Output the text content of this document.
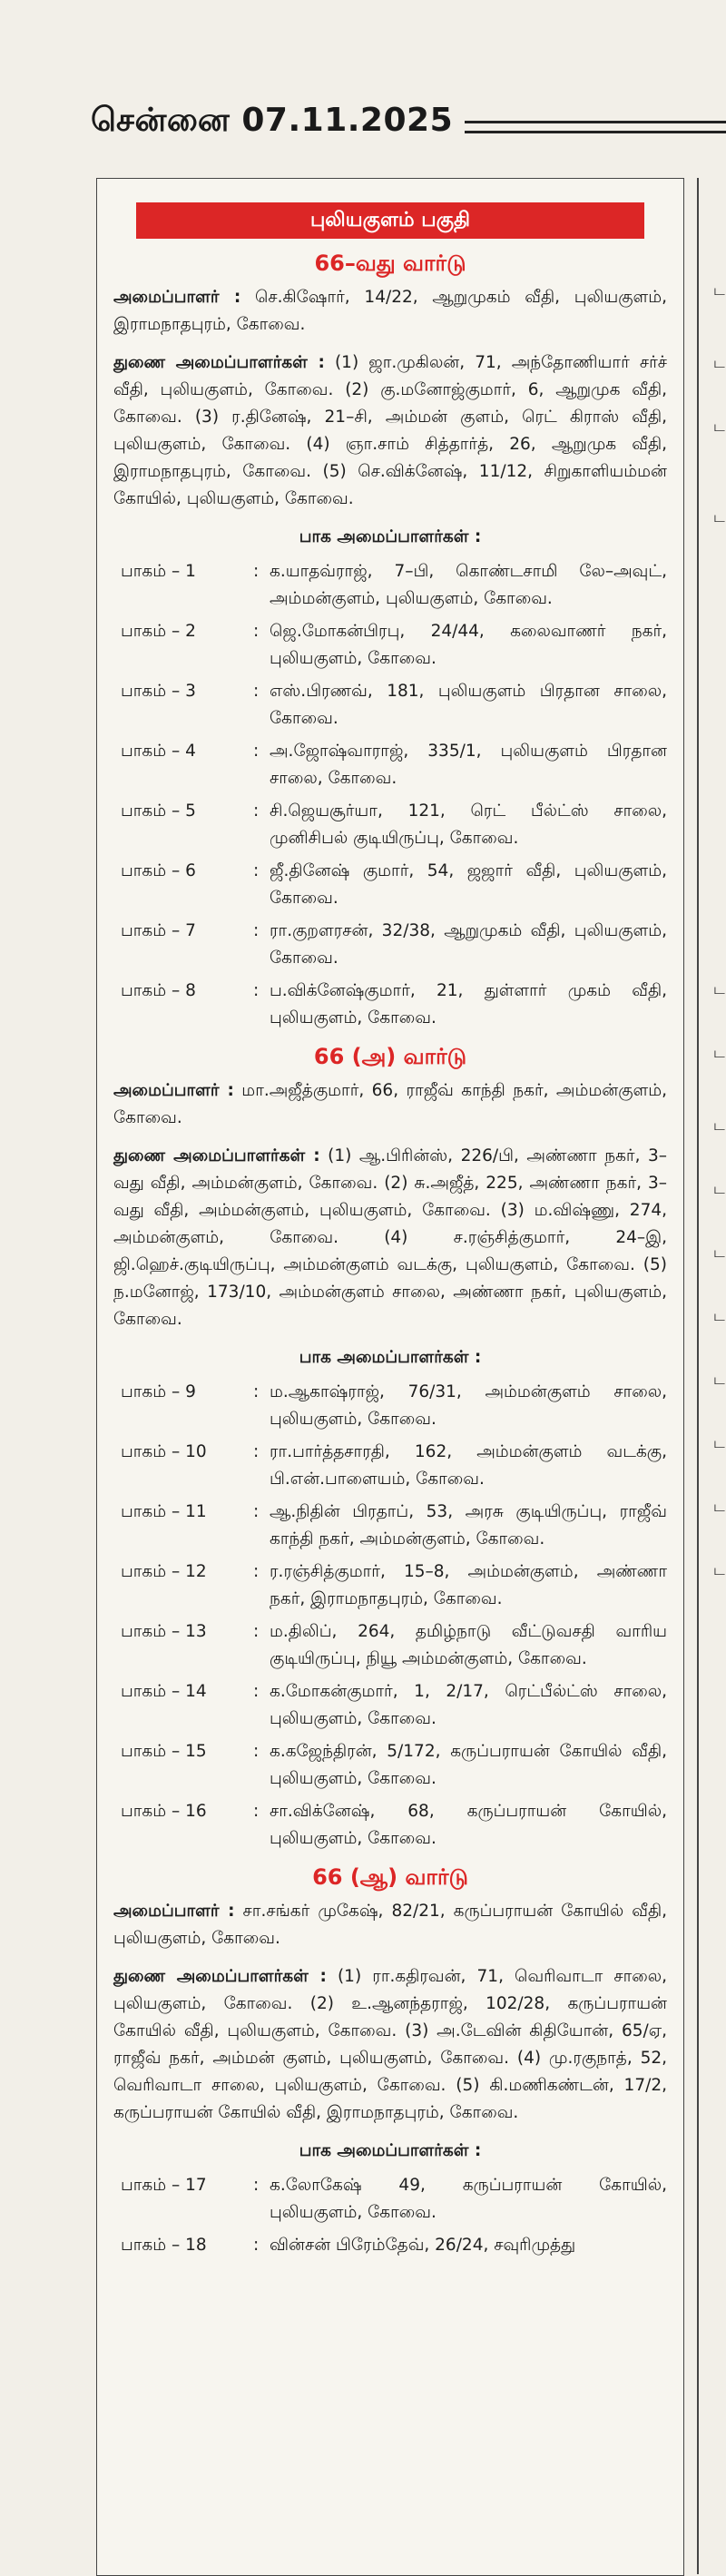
சென்னை 07.11.2025
புலியகுளம் பகுதி
66–வது வார்டு
அமைப்பாளர் : செ.கிஷோர், 14/22, ஆறுமுகம் வீதி, புலியகுளம், இராமநாதபுரம், கோவை.
துணை அமைப்பாளர்கள் : (1) ஜா.முகிலன், 71, அந்தோணியார் சர்ச் வீதி, புலியகுளம், கோவை. (2) கு.மனோஜ்குமார், 6, ஆறுமுக வீதி, கோவை. (3) ர.தினேஷ், 21–சி, அம்மன் குளம், ரெட் கிராஸ் வீதி, புலியகுளம், கோவை. (4) ஞா.சாம் சித்தார்த், 26, ஆறுமுக வீதி, இராமநாதபுரம், கோவை. (5) செ.விக்னேஷ், 11/12, சிறுகாளியம்மன் கோயில், புலியகுளம், கோவை.
பாக அமைப்பாளர்கள் :
பாகம் – 1	: க.யாதவ்ராஜ், 7–பி, கொண்டசாமி லே–அவுட், அம்மன்குளம், புலியகுளம், கோவை.
பாகம் – 2	: ஜெ.மோகன்பிரபு, 24/44, கலைவாணர் நகர், புலியகுளம், கோவை.
பாகம் – 3	: எஸ்.பிரணவ், 181, புலியகுளம் பிரதான சாலை, கோவை.
பாகம் – 4	: அ.ஜோஷ்வாராஜ், 335/1, புலியகுளம் பிரதான சாலை, கோவை.
பாகம் – 5	: சி.ஜெயசூர்யா, 121, ரெட் பீல்ட்ஸ் சாலை, முனிசிபல் குடியிருப்பு, கோவை.
பாகம் – 6	: ஜீ.தினேஷ் குமார், 54, ஜஜார் வீதி, புலியகுளம், கோவை.
பாகம் – 7	: ரா.குறளரசன், 32/38, ஆறுமுகம் வீதி, புலியகுளம், கோவை.
பாகம் – 8	: ப.விக்னேஷ்குமார், 21, துள்ளார் முகம் வீதி, புலியகுளம், கோவை.
66 (அ) வார்டு
அமைப்பாளர் : மா.அஜீத்குமார், 66, ராஜீவ் காந்தி நகர், அம்மன்குளம், கோவை.
துணை அமைப்பாளர்கள் : (1) ஆ.பிரின்ஸ், 226/பி, அண்ணா நகர், 3–வது வீதி, அம்மன்குளம், கோவை. (2) சு.அஜீத், 225, அண்ணா நகர், 3–வது வீதி, அம்மன்குளம், புலியகுளம், கோவை. (3) ம.விஷ்ணு, 274, அம்மன்குளம், கோவை. (4) ச.ரஞ்சித்குமார், 24–இ, ஜி.ஹெச்.குடியிருப்பு, அம்மன்குளம் வடக்கு, புலியகுளம், கோவை. (5) ந.மனோஜ், 173/10, அம்மன்குளம் சாலை, அண்ணா நகர், புலியகுளம், கோவை.
பாக அமைப்பாளர்கள் :
பாகம் – 9	: ம.ஆகாஷ்ராஜ், 76/31, அம்மன்குளம் சாலை, புலியகுளம், கோவை.
பாகம் – 10	: ரா.பார்த்தசாரதி, 162, அம்மன்குளம் வடக்கு, பி.என்.பாளையம், கோவை.
பாகம் – 11	: ஆ.நிதின் பிரதாப், 53, அரசு குடியிருப்பு, ராஜீவ் காந்தி நகர், அம்மன்குளம், கோவை.
பாகம் – 12	: ர.ரஞ்சித்குமார், 15–8, அம்மன்குளம், அண்ணா நகர், இராமநாதபுரம், கோவை.
பாகம் – 13	: ம.திலிப், 264, தமிழ்நாடு வீட்டுவசதி வாரிய குடியிருப்பு, நியூ அம்மன்குளம், கோவை.
பாகம் – 14	: க.மோகன்குமார், 1, 2/17, ரெட்பீல்ட்ஸ் சாலை, புலியகுளம், கோவை.
பாகம் – 15	: க.கஜேந்திரன், 5/172, கருப்பராயன் கோயில் வீதி, புலியகுளம், கோவை.
பாகம் – 16	: சா.விக்னேஷ், 68, கருப்பராயன் கோயில், புலியகுளம், கோவை.
66 (ஆ) வார்டு
அமைப்பாளர் : சா.சங்கர் முகேஷ், 82/21, கருப்பராயன் கோயில் வீதி, புலியகுளம், கோவை.
துணை அமைப்பாளர்கள் : (1) ரா.கதிரவன், 71, வெரிவாடா சாலை, புலியகுளம், கோவை. (2) உ.ஆனந்தராஜ், 102/28, கருப்பராயன் கோயில் வீதி, புலியகுளம், கோவை. (3) அ.டேவின் கிதியோன், 65/ஏ, ராஜீவ் நகர், அம்மன் குளம், புலியகுளம், கோவை. (4) மு.ரகுநாத், 52, வெரிவாடா சாலை, புலியகுளம், கோவை. (5) கி.மணிகண்டன், 17/2, கருப்பராயன் கோயில் வீதி, இராமநாதபுரம், கோவை.
பாக அமைப்பாளர்கள் :
பாகம் – 17	: க.லோகேஷ் 49, கருப்பராயன் கோயில், புலியகுளம், கோவை.
பாகம் – 18	: வின்சன் பிரேம்தேவ், 26/24, சவுரிமுத்து
ட
ட
ட
ட
ட
ட
ட
ட
ட
ட
ட
ட
ட
ட
